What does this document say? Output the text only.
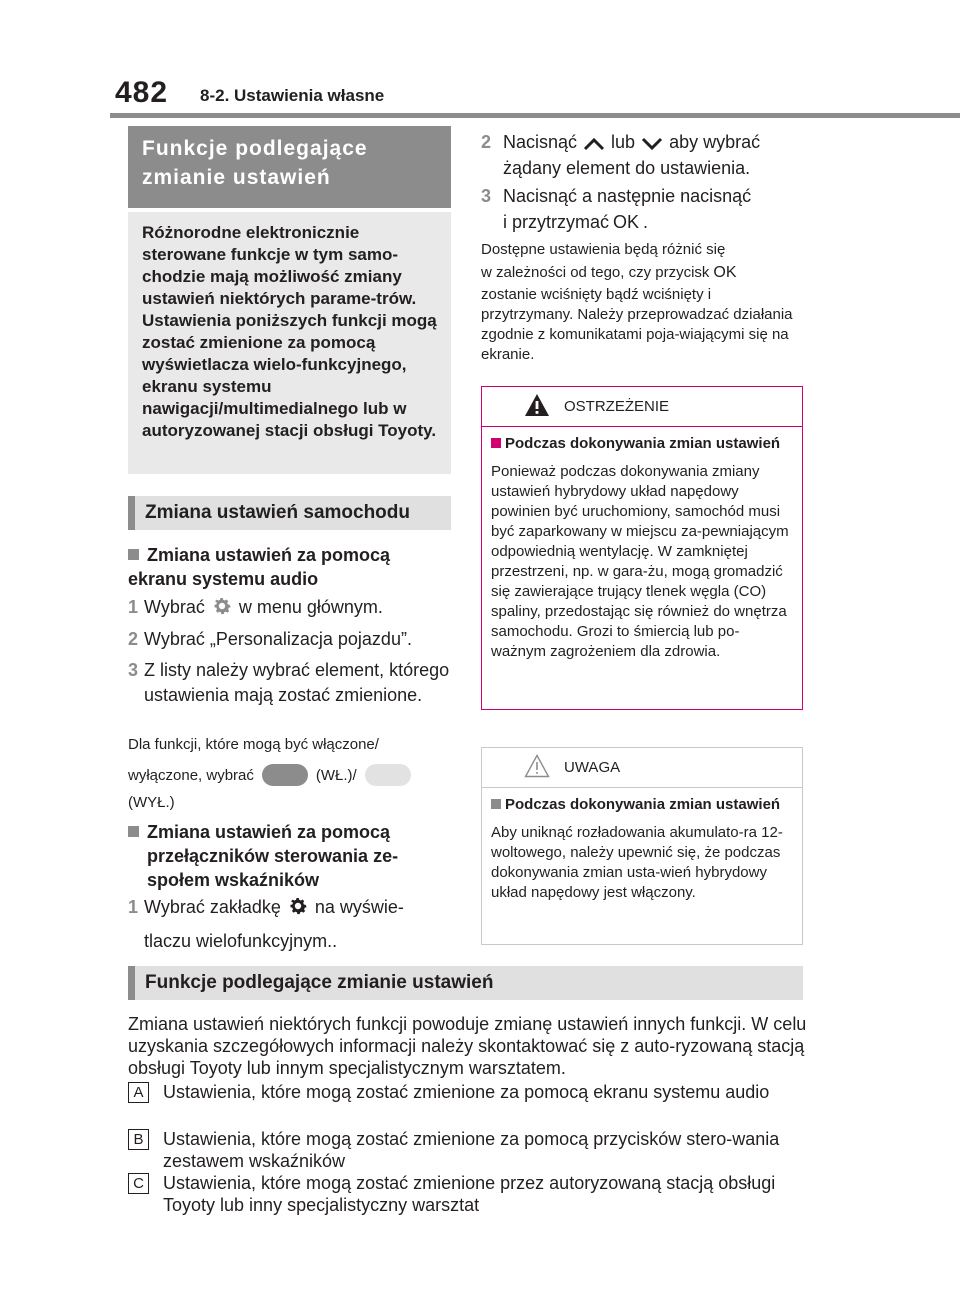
482 8-2. Ustawienia własne
Funkcje podlegające zmianie ustawień
Różnorodne elektronicznie sterowane funkcje w tym samo-chodzie mają możliwość zmiany ustawień niektórych parame-trów. Ustawienia poniższych funkcji mogą zostać zmienione za pomocą wyświetlacza wielo-funkcyjnego, ekranu systemu nawigacji/multimedialnego lub w autoryzowanej stacji obsługi Toyoty.
Zmiana ustawień samochodu
Zmiana ustawień za pomocą ekranu systemu audio
1 Wybrać w menu głównym.
2 Wybrać „Personalizacja pojazdu”.
3 Z listy należy wybrać element, którego ustawienia mają zostać zmienione.
Dla funkcji, które mogą być włączone/
wyłączone, wybrać	(WŁ.)/
(WYŁ.)
Zmiana ustawień za pomocą przełączników sterowania ze-społem wskaźników
1 Wybrać zakładkę na wyświe-
tlaczu wielofunkcyjnym..
2 Nacisnąć lub aby wybrać
żądany element do ustawienia.
3 Nacisnąć a następnie nacisnąć
i przytrzymać OK .
Dostępne ustawienia będą różnić się
w zależności od tego, czy przycisk OK
zostanie wciśnięty bądź wciśnięty i przytrzymany. Należy przeprowadzać działania zgodnie z komunikatami poja-wiającymi się na ekranie.
OSTRZEŻENIE
Podczas dokonywania zmian ustawień
Ponieważ podczas dokonywania zmiany ustawień hybrydowy układ napędowy powinien być uruchomiony, samochód musi być zaparkowany w miejscu za-pewniającym odpowiednią wentylację. W zamkniętej przestrzeni, np. w gara-żu, mogą gromadzić się zawierające trujący tlenek węgla (CO) spaliny, przedostając się również do wnętrza samochodu. Grozi to śmiercią lub po-ważnym zagrożeniem dla zdrowia.
UWAGA
Podczas dokonywania zmian ustawień
Aby uniknąć rozładowania akumulato-ra 12-woltowego, należy upewnić się, że podczas dokonywania zmian usta-wień hybrydowy układ napędowy jest włączony.
Funkcje podlegające zmianie ustawień
Zmiana ustawień niektórych funkcji powoduje zmianę ustawień innych funkcji. W celu uzyskania szczegółowych informacji należy skontaktować się z auto-ryzowaną stacją obsługi Toyoty lub innym specjalistycznym warsztatem.
A	Ustawienia, które mogą zostać zmienione za pomocą ekranu systemu audio
B	Ustawienia, które mogą zostać zmienione za pomocą przycisków stero-wania zestawem wskaźników
C Ustawienia, które mogą zostać zmienione przez autoryzowaną stacją obsługi Toyoty lub inny specjalistyczny warsztat
